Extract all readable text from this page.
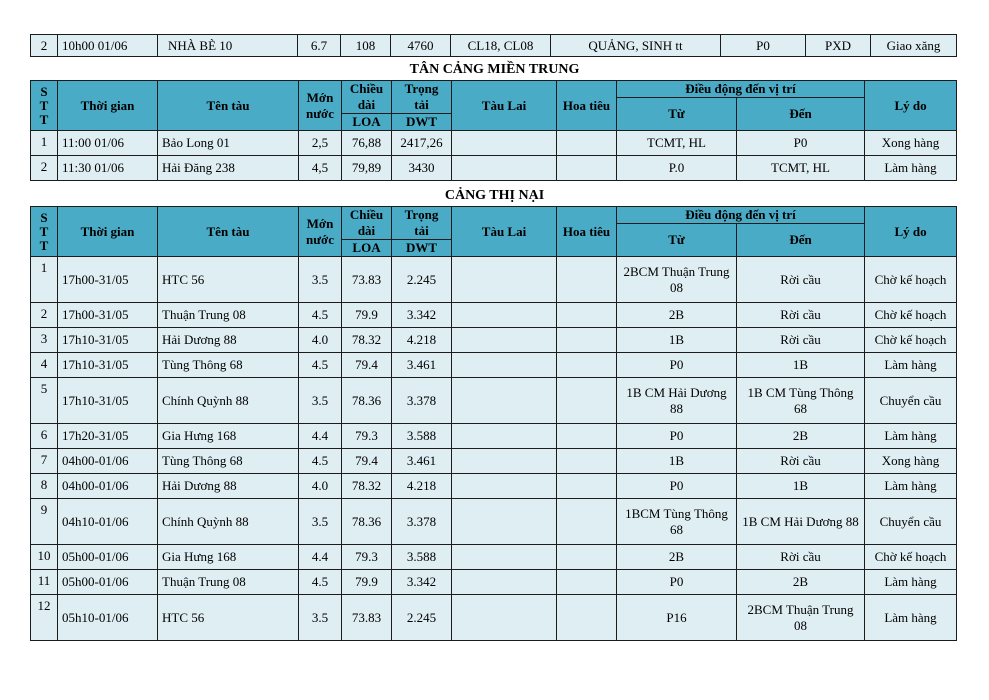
2	10h00 01/06	NHÀ BÈ 10	6.7	108	4760	CL18, CL08	QUẢNG, SINH tt	P0	PXD	Giao xăng
TÂN CẢNG MIỀN TRUNG
S
T
T	Thời gian	Tên tàu	Mớn nước	Chiều dài	Trọng tải	Tàu Lai	Hoa tiêu	Điều động đến vị trí		Lý do
								Từ	Đến	
				LOA	DWT					
1	11:00 01/06	Bảo Long 01	2,5	76,88	2417,26			TCMT, HL	P0	Xong hàng
2	11:30 01/06	Hải Đăng 238	4,5	79,89	3430			P.0	TCMT, HL	Làm hàng
CẢNG THỊ NẠI
S
T
T	Thời gian	Tên tàu	Mớn nước	Chiều dài	Trọng tải	Tàu Lai	Hoa tiêu	Điều động đến vị trí		Lý do
								Từ	Đến	
				LOA	DWT					
1	17h00-31/05	HTC 56	3.5	73.83	2.245			2BCM Thuận Trung 08	Rời cầu	Chờ kế hoạch
2	17h00-31/05	Thuận Trung 08	4.5	79.9	3.342			2B	Rời cầu	Chờ kế hoạch
3	17h10-31/05	Hải Dương 88	4.0	78.32	4.218			1B	Rời cầu	Chờ kế hoạch
4	17h10-31/05	Tùng Thông 68	4.5	79.4	3.461			P0	1B	Làm hàng
5	17h10-31/05	Chính Quỳnh 88	3.5	78.36	3.378			1B CM Hải Dương 88	1B CM Tùng Thông 68	Chuyển cầu
6	17h20-31/05	Gia Hưng 168	4.4	79.3	3.588			P0	2B	Làm hàng
7	04h00-01/06	Tùng Thông 68	4.5	79.4	3.461			1B	Rời cầu	Xong hàng
8	04h00-01/06	Hải Dương 88	4.0	78.32	4.218			P0	1B	Làm hàng
9	04h10-01/06	Chính Quỳnh 88	3.5	78.36	3.378			1BCM Tùng Thông 68	1B CM Hải Dương 88	Chuyển cầu
10	05h00-01/06	Gia Hưng 168	4.4	79.3	3.588			2B	Rời cầu	Chờ kế hoạch
11	05h00-01/06	Thuận Trung 08	4.5	79.9	3.342			P0	2B	Làm hàng
12	05h10-01/06	HTC 56	3.5	73.83	2.245			P16	2BCM Thuận Trung 08	Làm hàng
